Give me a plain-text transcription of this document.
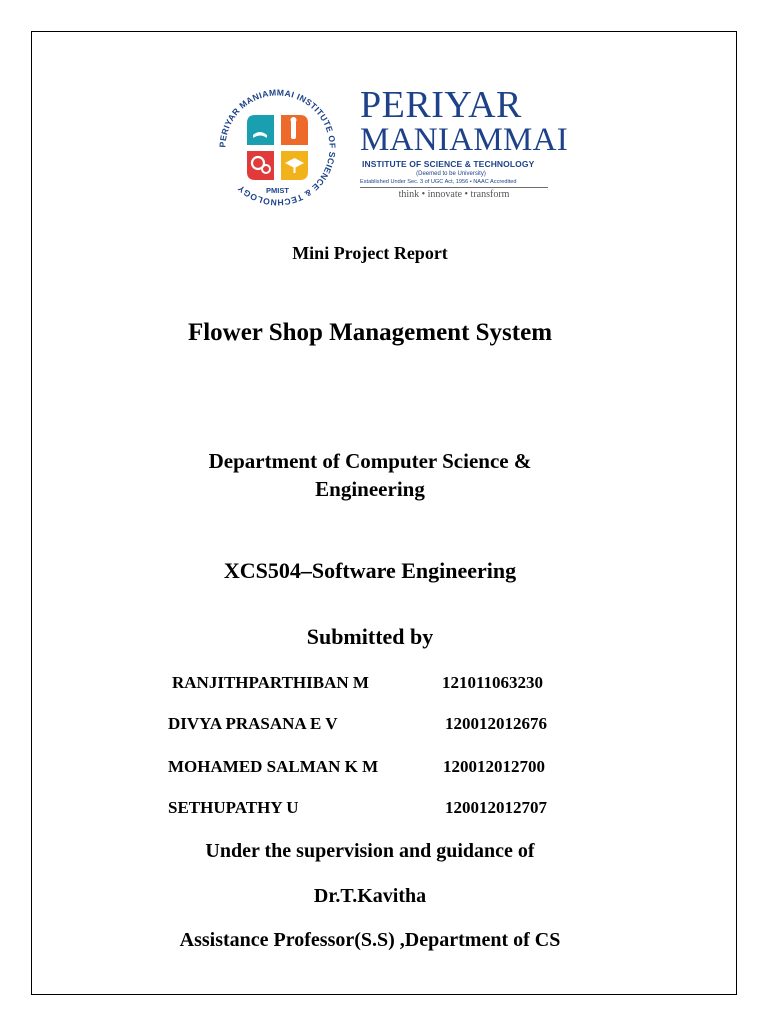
PERIYAR MANIAMMAI INSTITUTE OF SCIENCE & TECHNOLOGY	PMIST
PERIYAR
MANIAMMAI
INSTITUTE OF SCIENCE & TECHNOLOGY
(Deemed to be University)
Established Under Sec. 3 of UGC Act, 1956 • NAAC Accredited
think • innovate • transform
Mini Project Report
Flower Shop Management System
Department of Computer Science &
Engineering
XCS504–Software Engineering
Submitted by
RANJITHPARTHIBAN M	121011063230
DIVYA PRASANA E V	120012012676
MOHAMED SALMAN K M	120012012700
SETHUPATHY U	120012012707
Under the supervision and guidance of
Dr.T.Kavitha
Assistance Professor(S.S) ,Department of CS
